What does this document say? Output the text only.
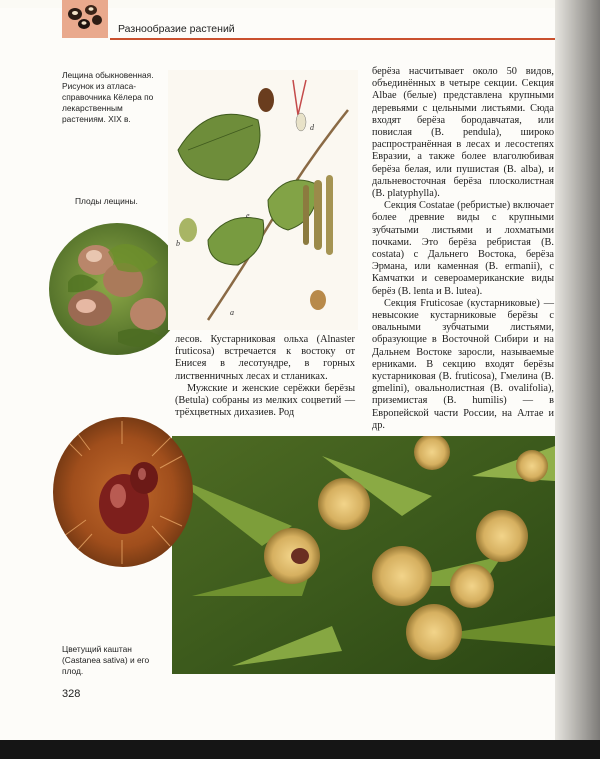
Разнообразие растений
Лещина обыкновенная. Рисунок из атласа-справочника Кёлера по лекарственным растениям. XIX в.
Плоды лещины.
d
e
b
a

лесов. Кустарниковая ольха (Alnaster fruticosa) встречается к востоку от Енисея в лесотундре, в горных лиственничных лесах и стланиках.

Мужские и женские серёжки берёзы (Betula) собраны из мелких соцветий — трёхцветных дихазиев. Род

берёза насчитывает около 50 видов, объединённых в четыре секции. Секция Albae (белые) представлена крупными деревьями с цельными листьями. Сюда входят берёза бородавчатая, или повислая (B. pendula), широко распространённая в лесах и лесостепях Евразии, а также более влаголюбивая берёза белая, или пушистая (B. alba), и дальневосточная берёза плосколистная (B. platyphylla).

Секция Costatae (ребристые) включает более древние виды с крупными зубчатыми листьями и лохматыми почками. Это берёза ребристая (B. costata) с Дальнего Востока, берёза Эрмана, или каменная (B. ermanii), с Камчатки и североамериканские виды берёз (B. lenta и B. lutea).

Секция Fruticosae (кустарниковые) — невысокие кустарниковые берёзы с овальными зубчатыми листьями, образующие в Восточной Сибири и на Дальнем Востоке заросли, называемые ерниками. В секцию входят берёзы кустарниковая (B. fruticosa), Гмелина (B. gmelini), овальнолистная (B. ovalifolia), приземистая (B. humilis) — в Европейской части России, на Алтае и др.

Цветущий каштан (Castanea sativa) и его плод.
328
